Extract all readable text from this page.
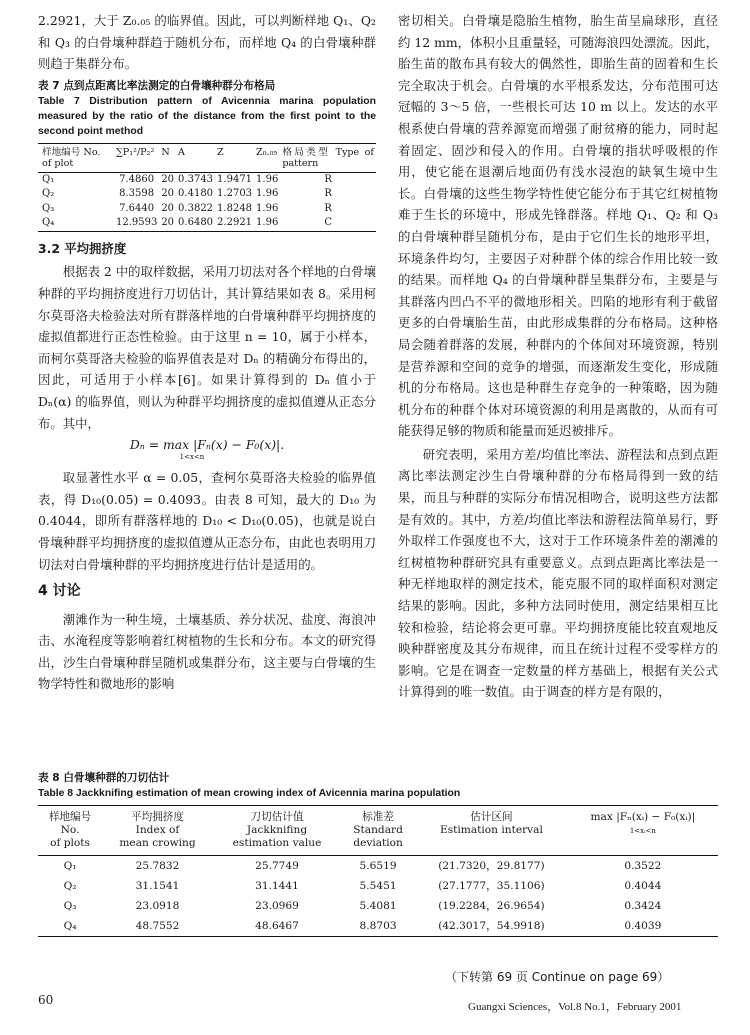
2.2921，大于 Z₀.₀₅ 的临界值。因此，可以判断样地 Q₁、Q₂ 和 Q₃ 的白骨壤种群趋于随机分布，而样地 Q₄ 的白骨壤种群则趋于集群分布。

表 7 点到点距离比率法测定的白骨壤种群分布格局
Table 7 Distribution pattern of Avicennia marina population measured by the ratio of the distance from the first point to the second point method
样地编号 No. of plot	∑P₁²/P₂²	N	A	Z	Z₀.₀₅	格局类型 Type of pattern
Q₁	7.4860	20	0.3743	1.9471	1.96	R
Q₂	8.3598	20	0.4180	1.2703	1.96	R
Q₃	7.6440	20	0.3822	1.8248	1.96	R
Q₄	12.9593	20	0.6480	2.2921	1.96	C
3.2 平均拥挤度

根据表 2 中的取样数据，采用刀切法对各个样地的白骨壤种群的平均拥挤度进行刀切估计，其计算结果如表 8。采用柯尔莫哥洛夫检验法对所有群落样地的白骨壤种群平均拥挤度的虚拟值都进行正态性检验。由于这里 n = 10，属于小样本，而柯尔莫哥洛夫检验的临界值表是对 Dₙ 的精确分布得出的，因此，可适用于小样本[6]。如果计算得到的 Dₙ 值小于 Dₙ(α) 的临界值，则认为种群平均拥挤度的虚拟值遵从正态分布。其中，

Dₙ = max |Fₙ(x) − F₀(x)|.
1<x<n

取显著性水平 α = 0.05，查柯尔莫哥洛夫检验的临界值表，得 D₁₀(0.05) = 0.4093。由表 8 可知，最大的 D₁₀ 为 0.4044，即所有群落样地的 D₁₀ < D₁₀(0.05)，也就是说白骨壤种群平均拥挤度的虚拟值遵从正态分布，由此也表明用刀切法对白骨壤种群的平均拥挤度进行估计是适用的。

4 讨论

潮滩作为一种生境，土壤基质、养分状况、盐度、海浪冲击、水淹程度等影响着红树植物的生长和分布。本文的研究得出，沙生白骨壤种群呈随机或集群分布，这主要与白骨壤的生物学特性和微地形的影响

密切相关。白骨壤是隐胎生植物，胎生苗呈扁球形，直径约 12 mm，体积小且重量轻，可随海浪四处漂流。因此，胎生苗的散布具有较大的偶然性，即胎生苗的固着和生长完全取决于机会。白骨壤的水平根系发达，分布范围可达冠幅的 3～5 倍，一些根长可达 10 m 以上。发达的水平根系使白骨壤的营养源宽而增强了耐贫瘠的能力，同时起着固定、固沙和侵入的作用。白骨壤的指状呼吸根的作用，使它能在退潮后地面仍有浅水浸泡的缺氧生境中生长。白骨壤的这些生物学特性使它能分布于其它红树植物难于生长的环境中，形成先锋群落。样地 Q₁、Q₂ 和 Q₃ 的白骨壤种群呈随机分布，是由于它们生长的地形平坦，环境条件均匀，主要因子对种群个体的综合作用比较一致的结果。而样地 Q₄ 的白骨壤种群呈集群分布，主要是与其群落内凹凸不平的微地形相关。凹陷的地形有利于截留更多的白骨壤胎生苗，由此形成集群的分布格局。这种格局会随着群落的发展，种群内的个体间对环境资源，特别是营养源和空间的竞争的增强，而逐渐发生变化，形成随机的分布格局。这也是种群生存竞争的一种策略，因为随机分布的种群个体对环境资源的利用是离散的，从而有可能获得足够的物质和能量而延迟被排斥。

研究表明，采用方差/均值比率法、游程法和点到点距离比率法测定沙生白骨壤种群的分布格局得到一致的结果，而且与种群的实际分布情况相吻合，说明这些方法都是有效的。其中，方差/均值比率法和游程法简单易行，野外取样工作强度也不大，这对于工作环境条件差的潮滩的红树植物种群研究具有重要意义。点到点距离比率法是一种无样地取样的测定技术，能克服不同的取样面积对测定结果的影响。因此，多种方法同时使用，测定结果相互比较和检验，结论将会更可靠。平均拥挤度能比较直观地反映种群密度及其分布规律，而且在统计过程不受零样方的影响。它是在调查一定数量的样方基础上，根据有关公式计算得到的唯一数值。由于调查的样方是有限的，

表 8 白骨壤种群的刀切估计
Table 8 Jackknifing estimation of mean crowing index of Avicennia marina population
样地编号
No.
of plots	平均拥挤度
Index of
mean crowing	刀切估计值
Jackknifing
estimation value	标准差
Standard
deviation	估计区间
Estimation interval	max |Fₙ(xᵢ) − F₀(xᵢ)|
1<xᵢ<n
Q₁	25.7832	25.7749	5.6519	(21.7320，29.8177)	0.3522
Q₂	31.1541	31.1441	5.5451	(27.1777，35.1106)	0.4044
Q₃	23.0918	23.0969	5.4081	(19.2284，26.9654)	0.3424
Q₄	48.7552	48.6467	8.8703	(42.3017，54.9918)	0.4039
（下转第 69 页 Continue on page 69）
60	Guangxi Sciences，Vol.8 No.1，February 2001
